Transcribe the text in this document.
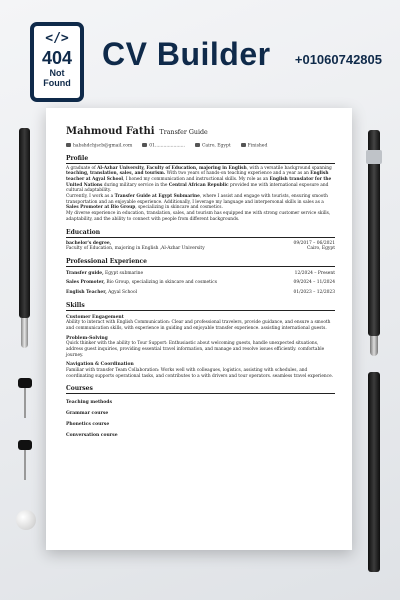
</>
404
Not
Found
CV Builder +01060742805
Mahmoud Fathi Transfer Guide
habshdchjscb@gmail.com	01.....................	Cairo, Egypt	Finished
Profile
A graduate of Al-Azhar University, Faculty of Education, majoring in English, with a versatile background spanning teaching, translation, sales, and tourism. With two years of hands-on teaching experience and a year as an English teacher at Agyal School, I honed my communication and instructional skills. My role as an English translator for the United Nations during military service in the Central African Republic provided me with international exposure and cultural adaptability.
Currently, I work as a Transfer Guide at Egypt Submarine, where I assist and engage with tourists, ensuring smooth transportation and an enjoyable experience. Additionally, I leverage my language and interpersonal skills in sales as a Sales Promoter at Bio Group, specializing in skincare and cosmetics.
My diverse experience in education, translation, sales, and tourism has equipped me with strong customer service skills, adaptability, and the ability to connect with people from different backgrounds.
Education
bachelor's degree,	09/2017 – 06/2021
Faculty of Education, majoring in English ,Al-Azhar University	Cairo, Egypt
Professional Experience
Transfer guide, Egypt submarine	12/2024 – Present
Sales Promoter, Bio Group, specializing in skincare and cosmetics	09/2024 – 11/2024
English Teacher, Agyal School	01/2023 – 12/2023
Skills
Customer Engagement
Ability to interact with English Communication: Clear and professional travelers, provide guidance, and ensure a smooth and communication skills, with experience in guiding and enjoyable transfer experience. assisting international guests.
Problem-Solving
Quick thinker with the ability to Tour Support: Enthusiastic about welcoming guests, handle unexpected situations, address guest inquiries, providing essential travel information, and manage and resolve issues efficiently. comfortable journey.
Navigation & Coordination
Familiar with transfer Team Collaboration: Works well with colleagues, logistics, assisting with schedules, and coordinating supports operational tasks, and contributes to a with drivers and tour operators. seamless travel experience.
Courses
Teaching methods
Grammar course
Phonetics course
Conversation course
